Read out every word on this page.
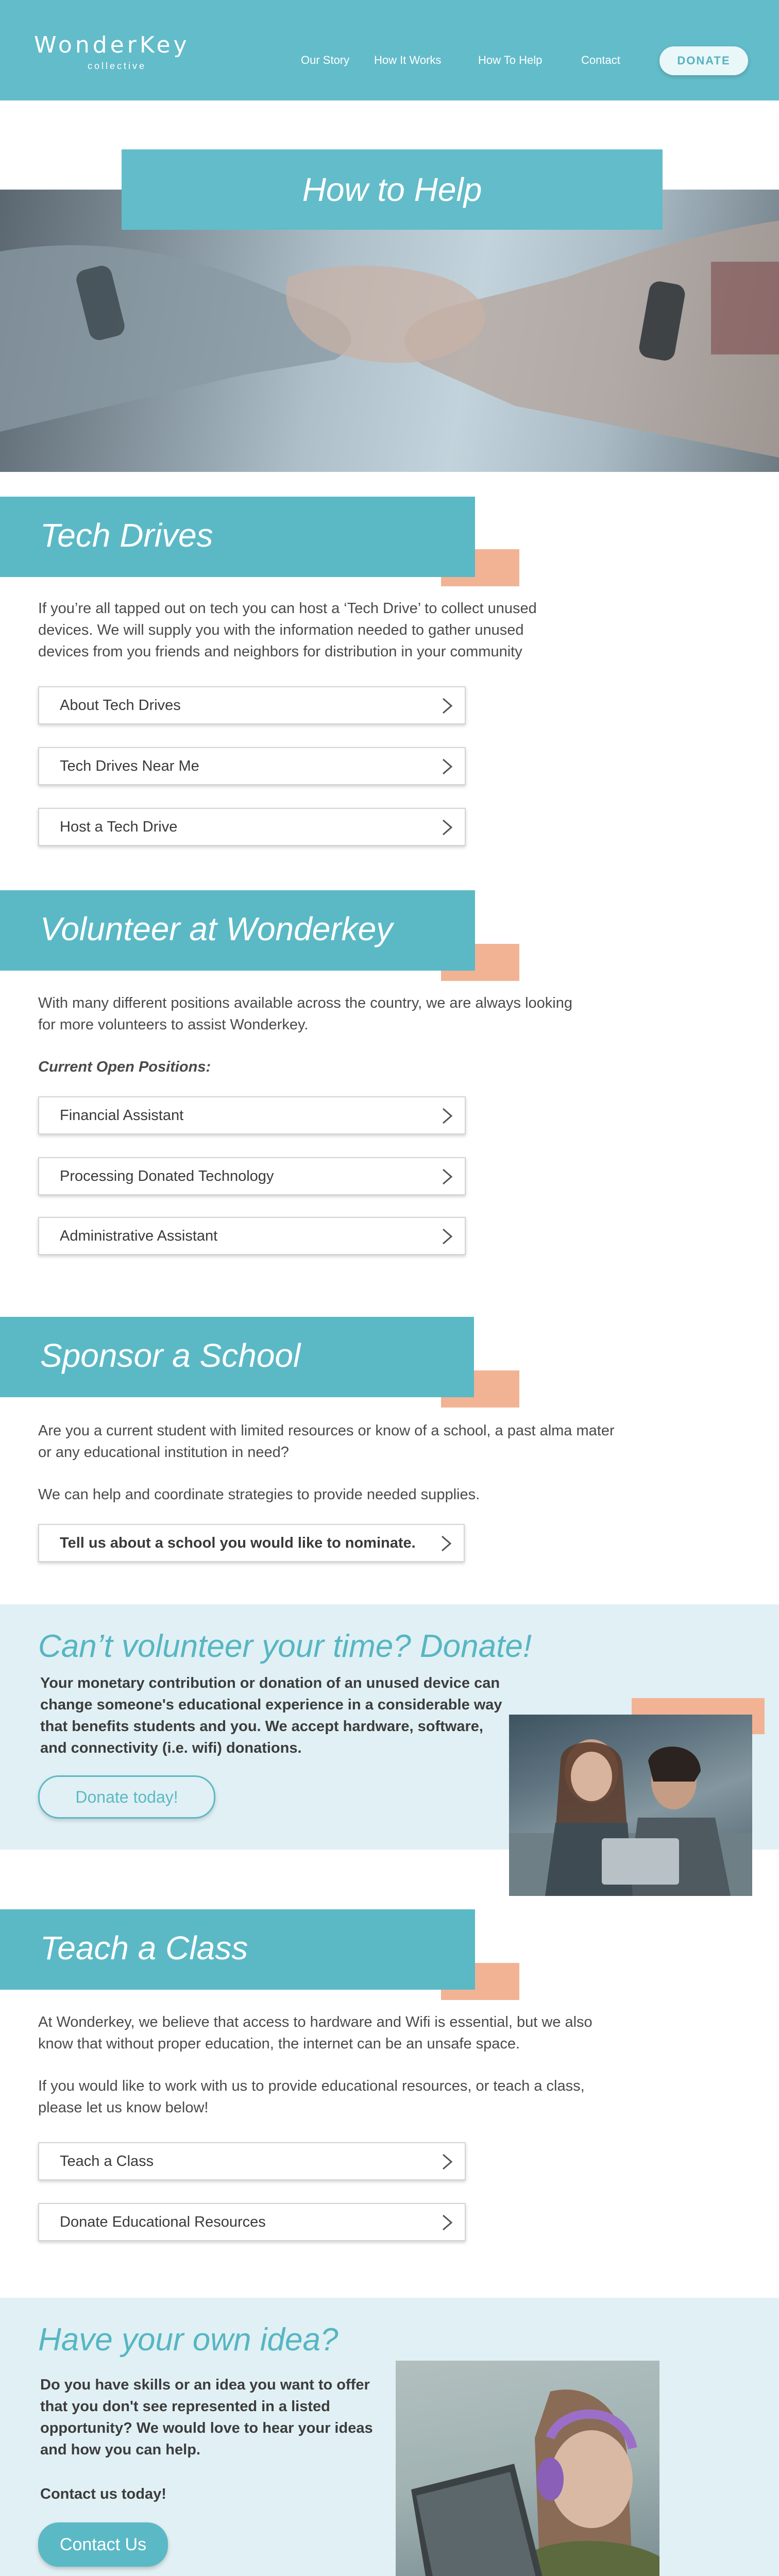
WonderKey
collective	Our Story How It Works	How To Help	Contact	DONATE
How to Help
Tech Drives
If you’re all tapped out on tech you can host a ‘Tech Drive’ to collect unused devices. We will supply you with the information needed to gather unused devices from you friends and neighbors for distribution in your community
About Tech Drives
Tech Drives Near Me
Host a Tech Drive
Volunteer at Wonderkey
With many different positions available across the country, we are always looking for more volunteers to assist Wonderkey.
Current Open Positions:
Financial Assistant
Processing Donated Technology
Administrative Assistant
Sponsor a School
Are you a current student with limited resources or know of a school, a past alma mater or any educational institution in need?
We can help and coordinate strategies to provide needed supplies.
Tell us about a school you would like to nominate.
Can’t volunteer your time? Donate!
Your monetary contribution or donation of an unused device can change someone's educational experience in a considerable way that benefits students and you. We accept hardware, software, and connectivity (i.e. wifi) donations.
Donate today!
Teach a Class
At Wonderkey, we believe that access to hardware and Wifi is essential, but we also know that without proper education, the internet can be an unsafe space.
If you would like to work with us to provide educational resources, or teach a class, please let us know below!
Teach a Class
Donate Educational Resources
Have your own idea?
Do you have skills or an idea you want to offer that you don't see represented in a listed opportunity? We would love to hear your ideas and how you can help.
Contact us today!
Contact Us
